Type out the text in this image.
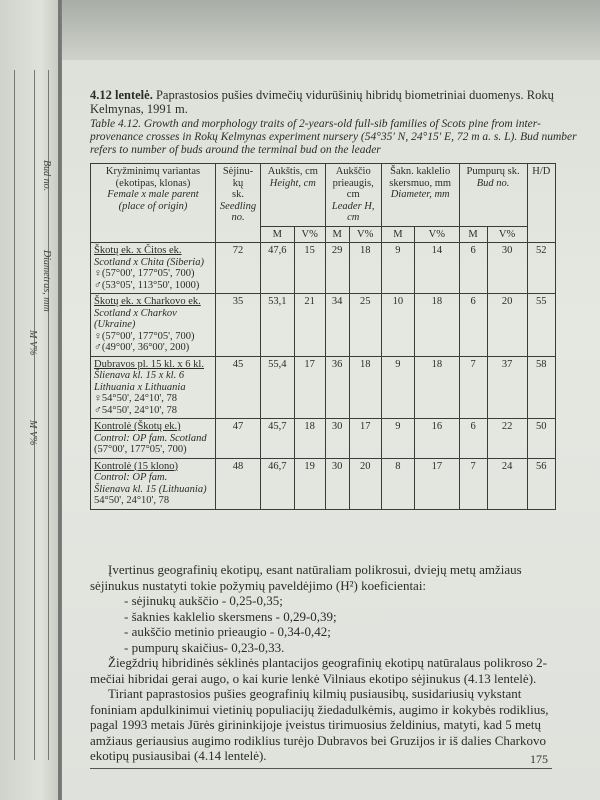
Diametras, mm
M V%
Bud no.
M V%

4.12 lentelė. Paprastosios pušies dvimečių vidurūšinių hibridų biometriniai duomenys. Rokų Kelmynas, 1991 m.

Table 4.12. Growth and morphology traits of 2-years-old full-sib families of Scots pine from inter-provenance crosses in Rokų Kelmynas experiment nursery (54°35' N, 24°15' E, 72 m a. s. L). Bud number refers to number of buds around the terminal bud on the leader

Kryžminimų variantas
(ekotipas, klonas)
Female x male parent
(place of origin)	Sėjinu-
kų
sk.
Seedling
no.	Aukštis, cm
Height, cm		Aukščio
prieaugis,
cm
Leader H,
cm		Šakn. kaklelio
skersmuo, mm
Diameter, mm		Pumpurų sk.
Bud no.		H/D
		M	V%	M	V%	M	V%	M	V%	

Škotų ek. x Čitos ek.
Scotland x Chita (Siberia)
♀(57°00', 177°05', 700)
♂(53°05', 113°50', 1000)	72	47,6	15	29	18	9	14	6	30	52

Škotų ek. x Charkovo ek.
Scotland x Charkov
(Ukraine)
♀(57°00', 177°05', 700)
♂(49°00', 36°00', 200)	35	53,1	21	34	25	10	18	6	20	55

Dubravos pl. 15 kl. x 6 kl.
Šlienava kl. 15 x kl. 6
Lithuania x Lithuania
♀54°50', 24°10', 78
♂54°50', 24°10', 78	45	55,4	17	36	18	9	18	7	37	58

Kontrolė (Škotų ek.)
Control: OP fam. Scotland
(57°00', 177°05', 700)	47	45,7	18	30	17	9	16	6	22	50

Kontrolė (15 klono)
Control: OP fam.
Šlienava kl. 15 (Lithuania)
54°50', 24°10', 78	48	46,7	19	30	20	8	17	7	24	56

Įvertinus geografinių ekotipų, esant natūraliam polikrosui, dviejų metų amžiaus sėjinukus nustatyti tokie požymių paveldėjimo (H²) koeficientai:

- sėjinukų aukščio - 0,25-0,35;
- šaknies kaklelio skersmens - 0,29-0,39;
- aukščio metinio prieaugio - 0,34-0,42;
- pumpurų skaičius- 0,23-0,33.

Žiegždrių hibridinės sėklinės plantacijos geografinių ekotipų natūralaus polikroso 2-mečiai hibridai gerai augo, o kai kurie lenkė Vilniaus ekotipo sėjinukus (4.13 lentelė).

Tiriant paprastosios pušies geografinių kilmių pusiausibų, susidariusių vykstant foniniam apdulkinimui vietinių populiacijų žiedadulkėmis, augimo ir kokybės rodiklius, pagal 1993 metais Jūrės girininkijoje įveistus tirimuosius želdinius, matyti, kad 5 metų amžiaus geriausius augimo rodiklius turėjo Dubravos bei Gruzijos ir iš dalies Charkovo ekotipų pusiausibai (4.14 lentelė).	175
